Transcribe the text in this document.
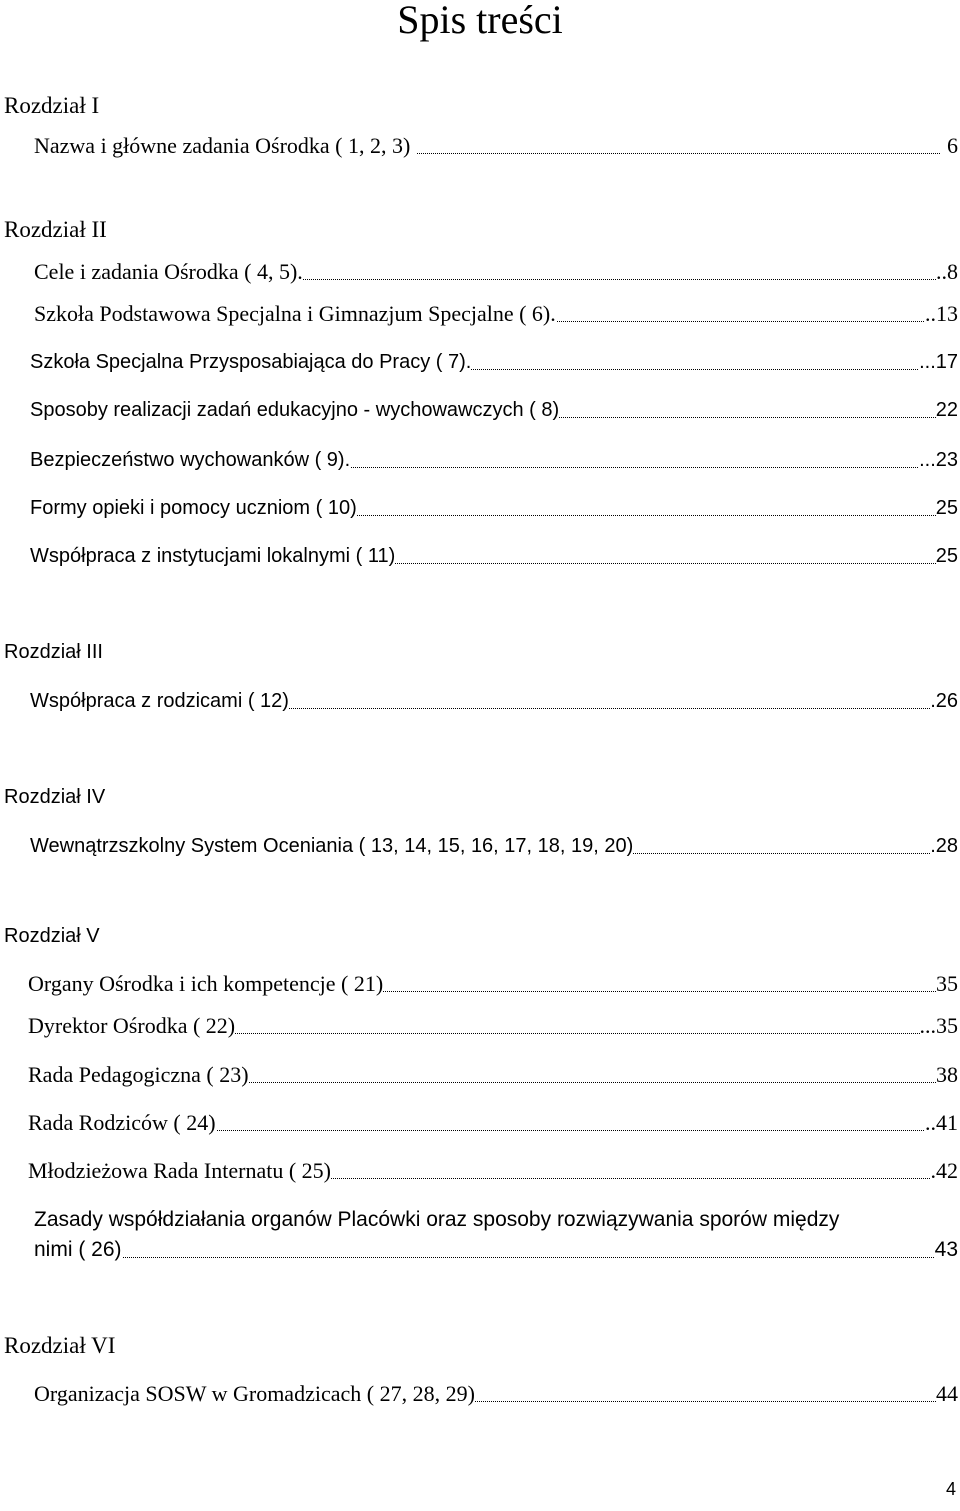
Spis treści
Rozdział I
Nazwa i główne zadania Ośrodka ( 1, 2, 3)	6
Rozdział II
Cele i zadania Ośrodka ( 4, 5).	..8
Szkoła Podstawowa Specjalna i Gimnazjum Specjalne ( 6).	..13
Szkoła Specjalna Przysposabiająca do Pracy ( 7).	...17
Sposoby realizacji zadań edukacyjno - wychowawczych ( 8)	22
Bezpieczeństwo wychowanków ( 9).	...23
Formy opieki i pomocy uczniom ( 10)	25
Współpraca z instytucjami lokalnymi ( 11)	25
Rozdział III
Współpraca z rodzicami ( 12)	.26
Rozdział IV
Wewnątrzszkolny System Oceniania ( 13, 14, 15, 16, 17, 18, 19, 20)	.28
Rozdział V
Organy Ośrodka i ich kompetencje ( 21)	35
Dyrektor Ośrodka ( 22)	...35
Rada Pedagogiczna ( 23)	38
Rada Rodziców ( 24)	..41
Młodzieżowa Rada Internatu ( 25)	.42
Zasady współdziałania organów Placówki oraz sposoby rozwiązywania sporów między
nimi ( 26)	43
Rozdział VI
Organizacja SOSW w Gromadzicach ( 27, 28, 29)	44
4
